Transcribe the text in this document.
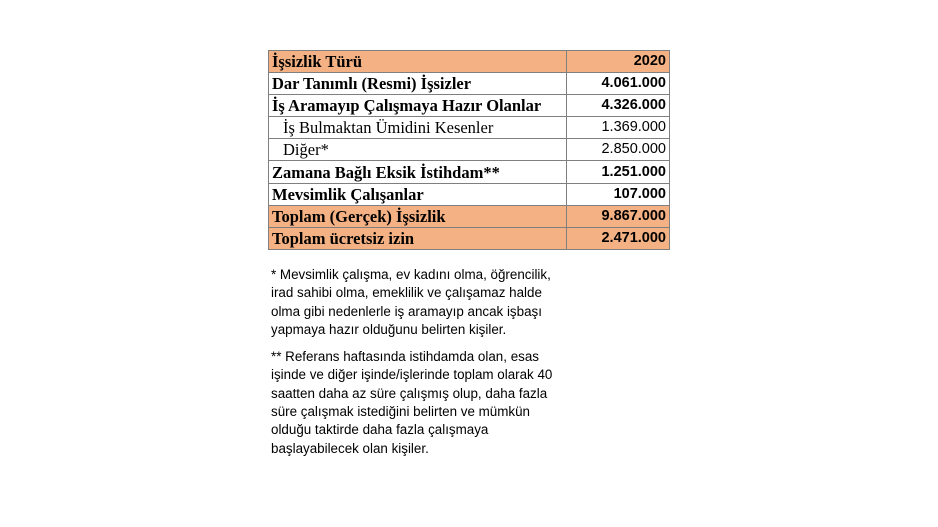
İşsizlik Türü	2020
Dar Tanımlı (Resmi) İşsizler	4.061.000
İş Aramayıp Çalışmaya Hazır Olanlar	4.326.000
İş Bulmaktan Ümidini Kesenler	1.369.000
Diğer*	2.850.000
Zamana Bağlı Eksik İstihdam**	1.251.000
Mevsimlik Çalışanlar	107.000
Toplam (Gerçek) İşsizlik	9.867.000
Toplam ücretsiz izin	2.471.000

* Mevsimlik çalışma, ev kadını olma, öğrencilik, irad sahibi olma, emeklilik ve çalışamaz halde olma gibi nedenlerle iş aramayıp ancak işbaşı yapmaya hazır olduğunu belirten kişiler.

** Referans haftasında istihdamda olan, esas işinde ve diğer işinde/işlerinde toplam olarak 40 saatten daha az süre çalışmış olup, daha fazla süre çalışmak istediğini belirten ve mümkün olduğu taktirde daha fazla çalışmaya başlayabilecek olan kişiler.
